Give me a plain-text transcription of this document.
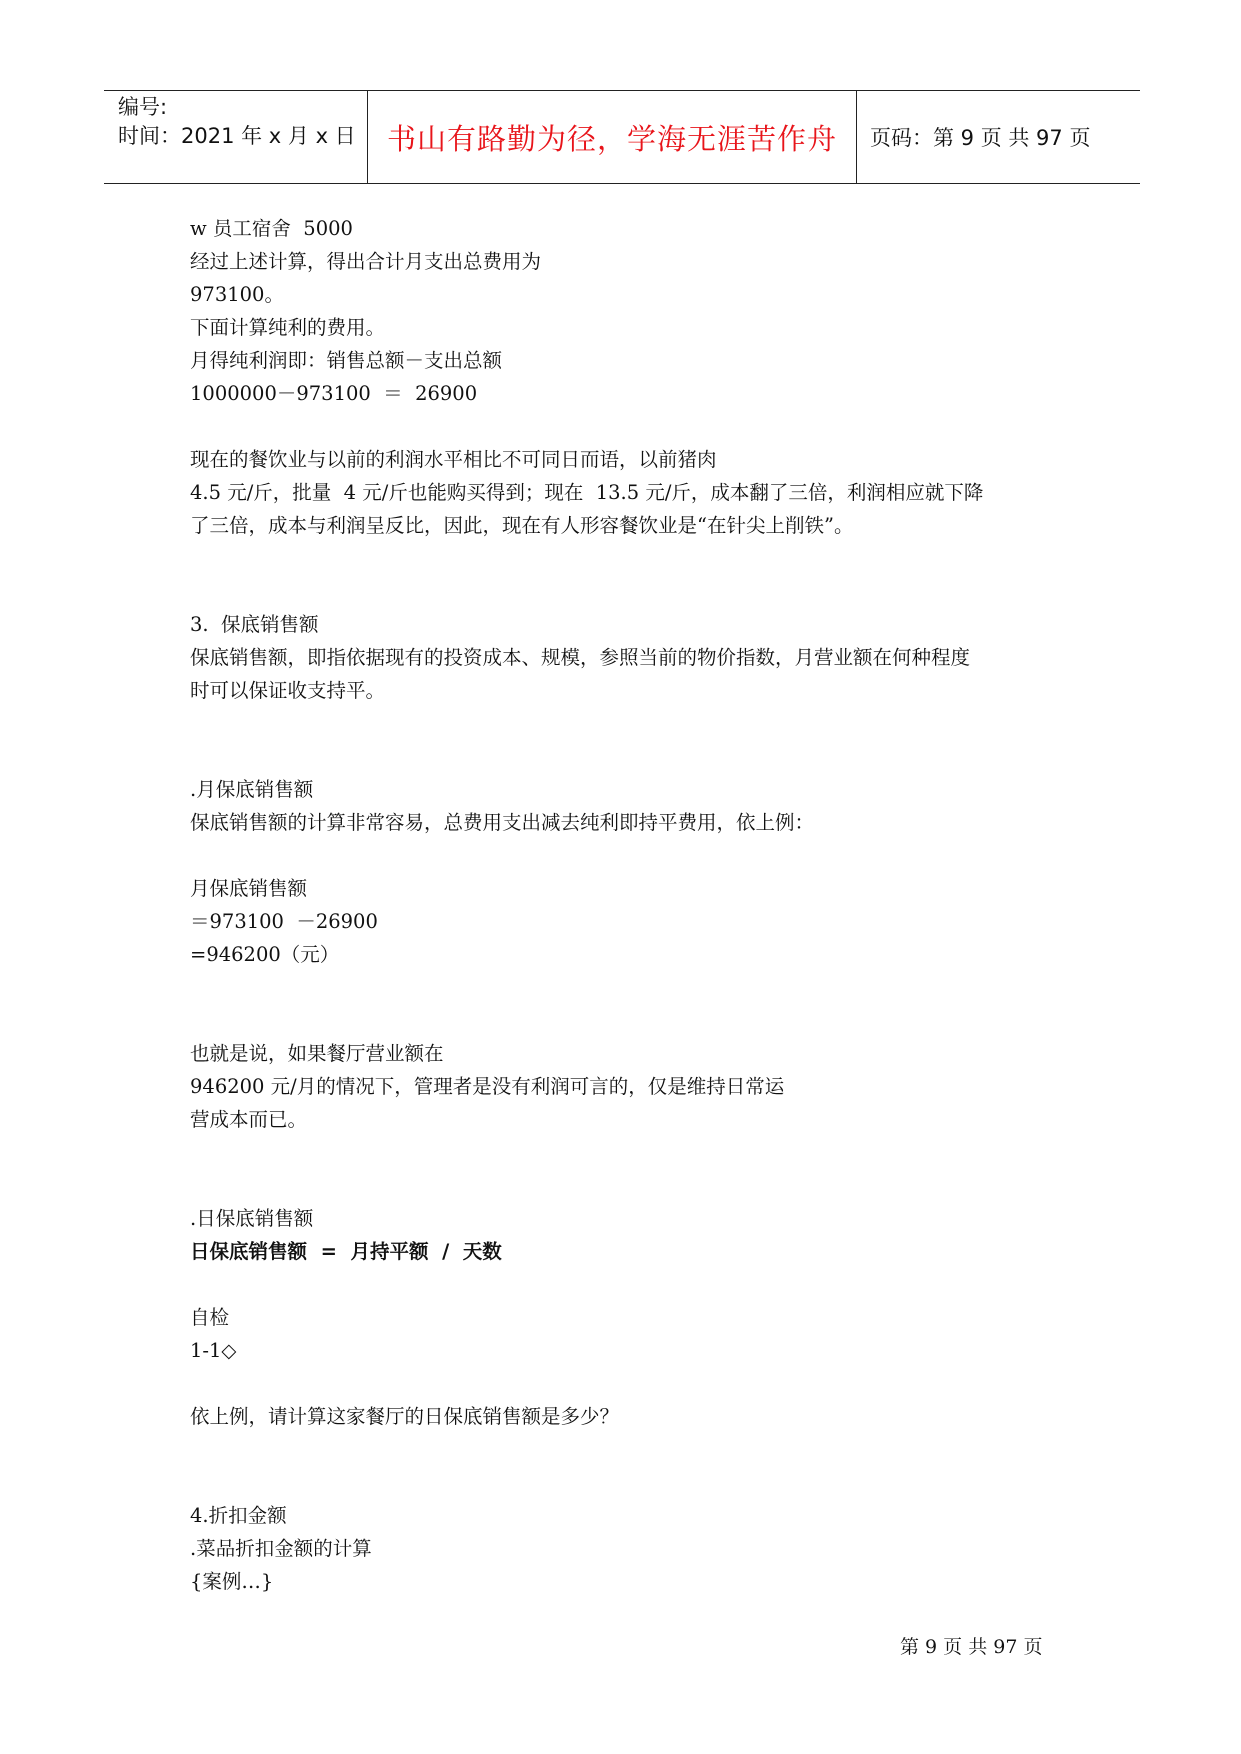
编号:
时间：2021 年 x 月 x 日	书山有路勤为径，学海无涯苦作舟	页码：第 9 页 共 97 页

w 员工宿舍  5000

经过上述计算，得出合计月支出总费用为

973100。

下面计算纯利的费用。

月得纯利润即：销售总额－支出总额

1000000－973100  ＝  26900

现在的餐饮业与以前的利润水平相比不可同日而语，以前猪肉

4.5 元/斤，批量  4 元/斤也能购买得到；现在  13.5 元/斤，成本翻了三倍，利润相应就下降

了三倍，成本与利润呈反比，因此，现在有人形容餐饮业是“在针尖上削铁”。

3.  保底销售额

保底销售额，即指依据现有的投资成本、规模，参照当前的物价指数，月营业额在何种程度

时可以保证收支持平。

.月保底销售额

保底销售额的计算非常容易，总费用支出减去纯利即持平费用，依上例：

月保底销售额

＝973100  －26900

=946200（元）

也就是说，如果餐厅营业额在

946200 元/月的情况下，管理者是没有利润可言的，仅是维持日常运

营成本而已。

.日保底销售额

日保底销售额  =  月持平额  /  天数

自检

1-1◇

依上例，请计算这家餐厅的日保底销售额是多少？

4.折扣金额

.菜品折扣金额的计算

{案例…}

第 9 页 共 97 页
